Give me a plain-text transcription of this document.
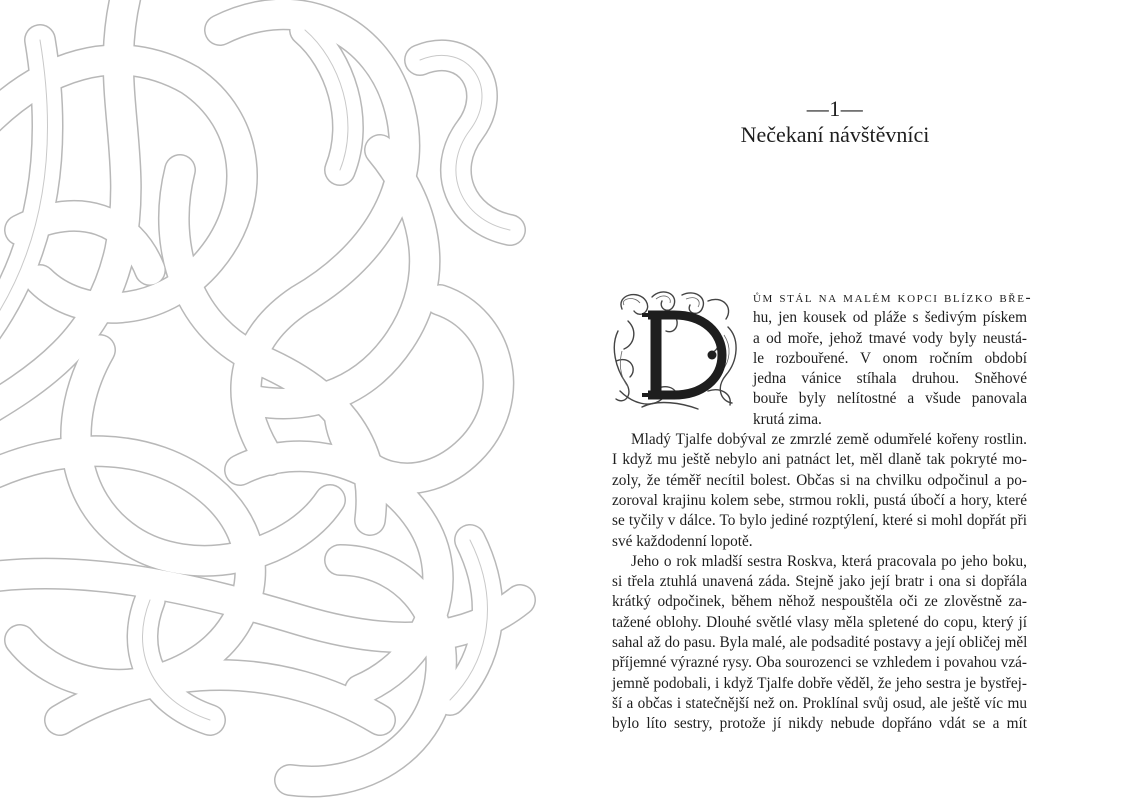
—1—
Nečekaní návštěvníci
D
ům stál na malém kopci blízko bře-
hu, jen kousek od pláže s šedivým pískem
a od moře, jehož tmavé vody byly neustá-
le rozbouřené. V onom ročním období
jedna vánice stíhala druhou. Sněhové
bouře byly nelítostné a všude panovala
krutá zima.
Mladý Tjalfe dobýval ze zmrzlé země odumřelé kořeny rostlin.
I když mu ještě nebylo ani patnáct let, měl dlaně tak pokryté mo-
zoly, že téměř necítil bolest. Občas si na chvilku odpočinul a po-
zoroval krajinu kolem sebe, strmou rokli, pustá úbočí a hory, které
se tyčily v dálce. To bylo jediné rozptýlení, které si mohl dopřát při
své každodenní lopotě.
Jeho o rok mladší sestra Roskva, která pracovala po jeho boku,
si třela ztuhlá unavená záda. Stejně jako její bratr i ona si dopřála
krátký odpočinek, během něhož nespouštěla oči ze zlověstně za-
tažené oblohy. Dlouhé světlé vlasy měla spletené do copu, který jí
sahal až do pasu. Byla malé, ale podsadité postavy a její obličej měl
příjemné výrazné rysy. Oba sourozenci se vzhledem i povahou vzá-
jemně podobali, i když Tjalfe dobře věděl, že jeho sestra je bystřej-
ší a občas i statečnější než on. Proklínal svůj osud, ale ještě víc mu
bylo líto sestry, protože jí nikdy nebude dopřáno vdát se a mít
